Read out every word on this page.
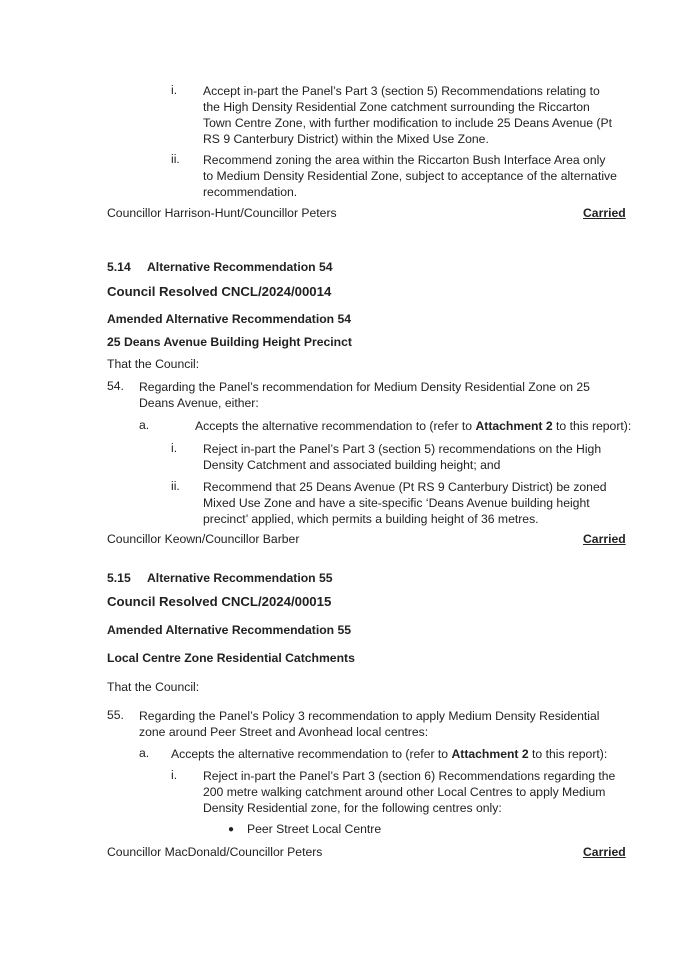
i. Accept in-part the Panel’s Part 3 (section 5) Recommendations relating to the High Density Residential Zone catchment surrounding the Riccarton Town Centre Zone, with further modification to include 25 Deans Avenue (Pt RS 9 Canterbury District) within the Mixed Use Zone.
ii. Recommend zoning the area within the Riccarton Bush Interface Area only to Medium Density Residential Zone, subject to acceptance of the alternative recommendation.
Councillor Harrison-Hunt/Councillor Peters	Carried
5.14 Alternative Recommendation 54
Council Resolved CNCL/2024/00014
Amended Alternative Recommendation 54
25 Deans Avenue Building Height Precinct
That the Council:
54. Regarding the Panel’s recommendation for Medium Density Residential Zone on 25 Deans Avenue, either:
a.	Accepts the alternative recommendation to (refer to Attachment 2 to this report):
i. Reject in-part the Panel’s Part 3 (section 5) recommendations on the High Density Catchment and associated building height; and
ii. Recommend that 25 Deans Avenue (Pt RS 9 Canterbury District) be zoned Mixed Use Zone and have a site-specific ‘Deans Avenue building height precinct’ applied, which permits a building height of 36 metres.
Councillor Keown/Councillor Barber	Carried
5.15 Alternative Recommendation 55
Council Resolved CNCL/2024/00015
Amended Alternative Recommendation 55
Local Centre Zone Residential Catchments
That the Council:
55. Regarding the Panel’s Policy 3 recommendation to apply Medium Density Residential zone around Peer Street and Avonhead local centres:
a. Accepts the alternative recommendation to (refer to Attachment 2 to this report):
i. Reject in-part the Panel’s Part 3 (section 6) Recommendations regarding the 200 metre walking catchment around other Local Centres to apply Medium Density Residential zone, for the following centres only:
● Peer Street Local Centre
Councillor MacDonald/Councillor Peters	Carried
